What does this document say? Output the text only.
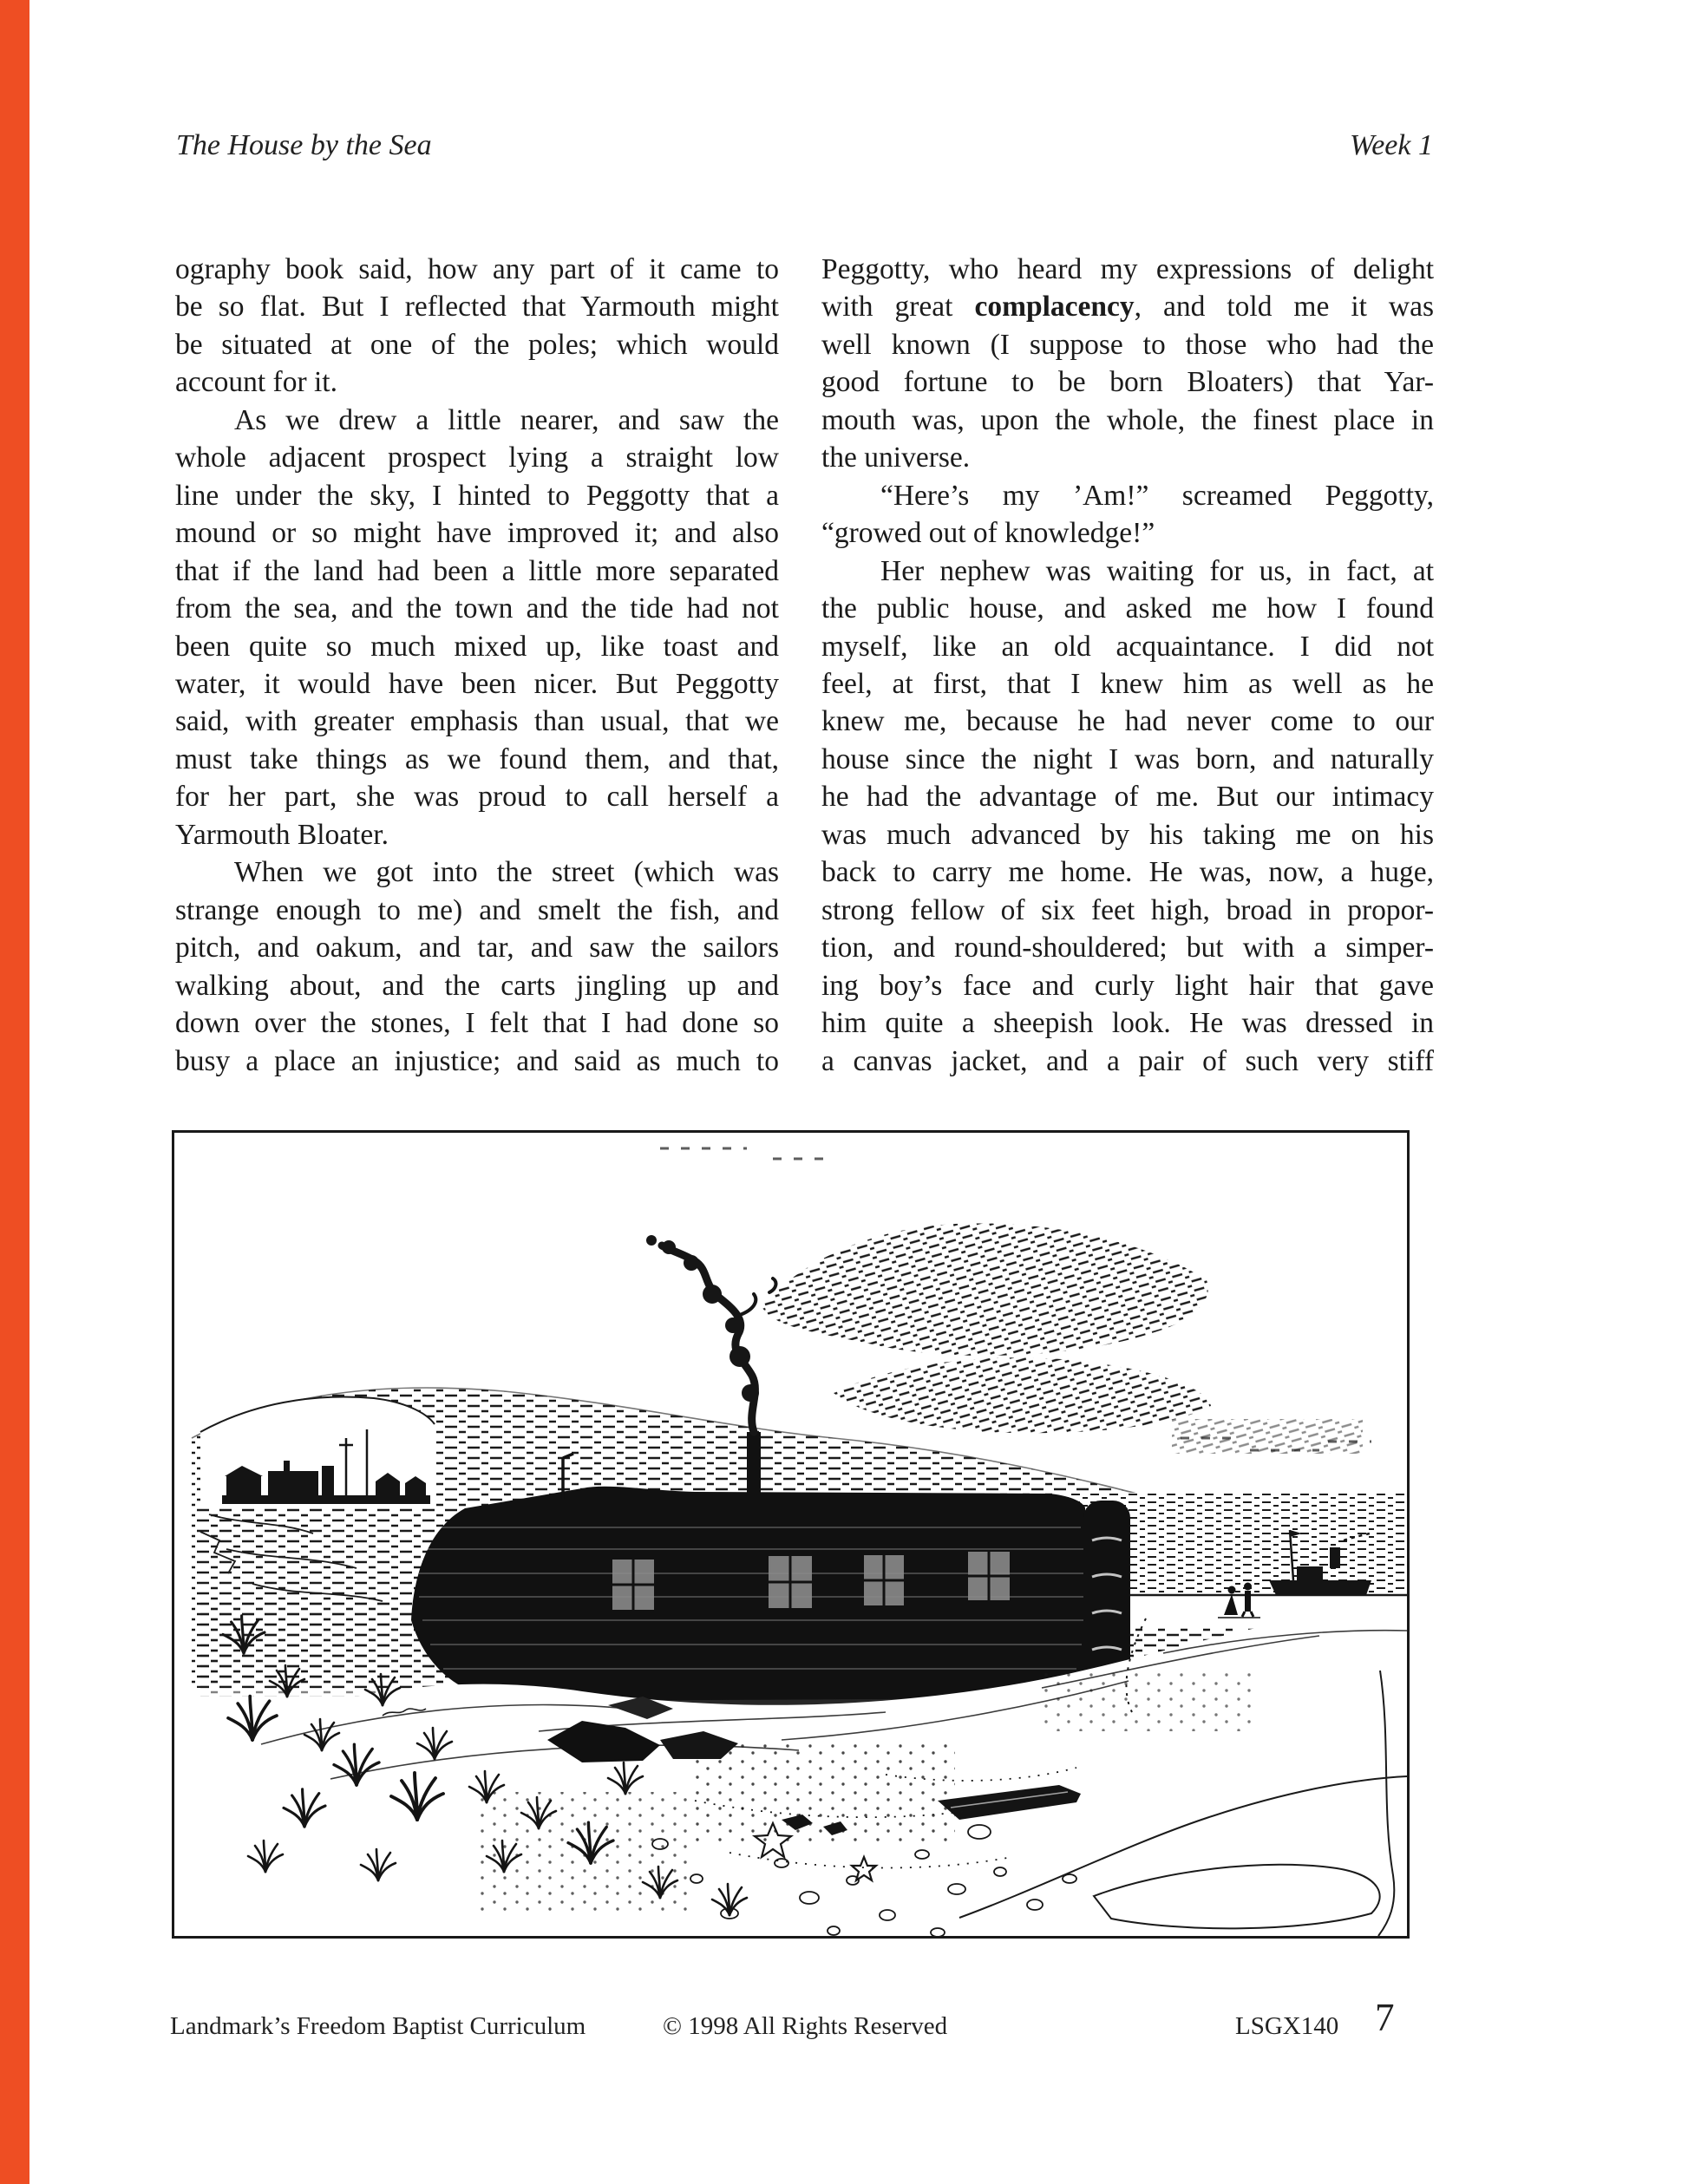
The House by the Sea	Week 1
ography book said, how any part of it came to
be so flat. But I reflected that Yarmouth might
be situated at one of the poles; which would
account for it.
As we drew a little nearer, and saw the
whole adjacent prospect lying a straight low
line under the sky, I hinted to Peggotty that a
mound or so might have improved it; and also
that if the land had been a little more separated
from the sea, and the town and the tide had not
been quite so much mixed up, like toast and
water, it would have been nicer. But Peggotty
said, with greater emphasis than usual, that we
must take things as we found them, and that,
for her part, she was proud to call herself a
Yarmouth Bloater.
When we got into the street (which was
strange enough to me) and smelt the fish, and
pitch, and oakum, and tar, and saw the sailors
walking about, and the carts jingling up and
down over the stones, I felt that I had done so
busy a place an injustice; and said as much to
Peggotty, who heard my expressions of delight
with great complacency, and told me it was
well known (I suppose to those who had the
good fortune to be born Bloaters) that Yar-
mouth was, upon the whole, the finest place in
the universe.
“Here’s my ’Am!” screamed Peggotty,
“growed out of knowledge!”
Her nephew was waiting for us, in fact, at
the public house, and asked me how I found
myself, like an old acquaintance. I did not
feel, at first, that I knew him as well as he
knew me, because he had never come to our
house since the night I was born, and naturally
he had the advantage of me. But our intimacy
was much advanced by his taking me on his
back to carry me home. He was, now, a huge,
strong fellow of six feet high, broad in propor-
tion, and round-shouldered; but with a simper-
ing boy’s face and curly light hair that gave
him quite a sheepish look. He was dressed in
a canvas jacket, and a pair of such very stiff
Landmark’s Freedom Baptist Curriculum	© 1998 All Rights Reserved	LSGX140 7
